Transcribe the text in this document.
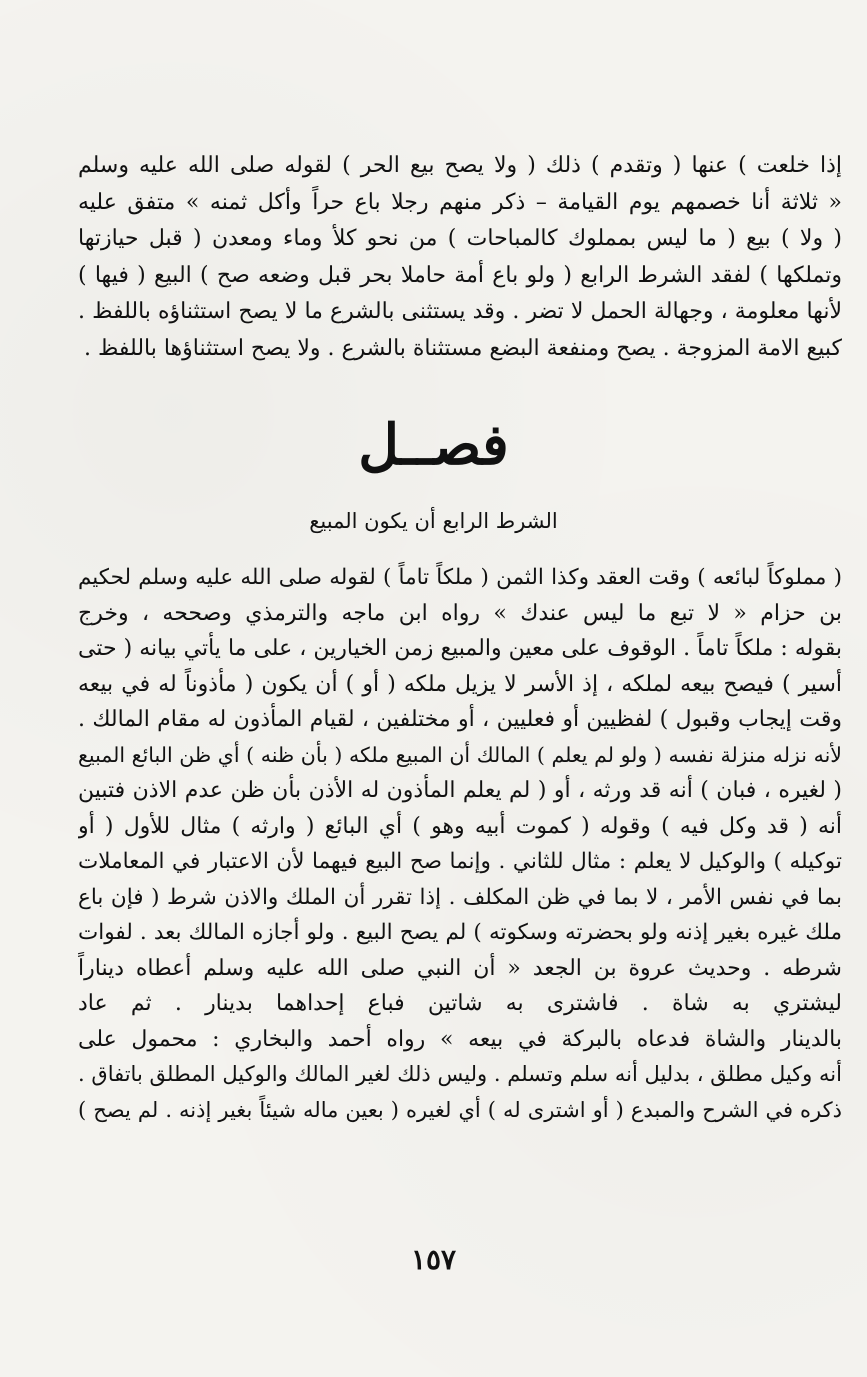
إذا خلعت ) عنها ( وتقدم ) ذلك ( ولا يصح بيع الحر ) لقوله صلى الله عليه وسلم
« ثلاثة أنا خصمهم يوم القيامة – ذكر منهم رجلا باع حراً وأكل ثمنه » متفق عليه
( ولا ) بيع ( ما ليس بمملوك كالمباحات ) من نحو كلأ وماء ومعدن ( قبل حيازتها
وتملكها ) لفقد الشرط الرابع ( ولو باع أمة حاملا بحر قبل وضعه صح ) البيع ( فيها )
لأنها معلومة ، وجهالة الحمل لا تضر . وقد يستثنى بالشرع ما لا يصح استثناؤه باللفظ .
كبيع الامة المزوجة . يصح ومنفعة البضع مستثناة بالشرع . ولا يصح استثناؤها باللفظ .
فصــل
الشرط الرابع أن يكون المبيع
( مملوكاً لبائعه ) وقت العقد وكذا الثمن ( ملكاً تاماً ) لقوله صلى الله عليه وسلم لحكيم
بن حزام « لا تبع ما ليس عندك » رواه ابن ماجه والترمذي وصححه ، وخرج
بقوله : ملكاً تاماً . الوقوف على معين والمبيع زمن الخيارين ، على ما يأتي بيانه ( حتى
أسير ) فيصح بيعه لملكه ، إذ الأسر لا يزيل ملكه ( أو ) أن يكون ( مأذوناً له في بيعه
وقت إيجاب وقبول ) لفظيين أو فعليين ، أو مختلفين ، لقيام المأذون له مقام المالك .
لأنه نزله منزلة نفسه ( ولو لم يعلم ) المالك أن المبيع ملكه ( بأن ظنه ) أي ظن البائع المبيع
( لغيره ، فبان ) أنه قد ورثه ، أو ( لم يعلم المأذون له الأذن بأن ظن عدم الاذن فتبين
أنه ( قد وكل فيه ) وقوله ( كموت أبيه وهو ) أي البائع ( وارثه ) مثال للأول ( أو
توكيله ) والوكيل لا يعلم : مثال للثاني . وإنما صح البيع فيهما لأن الاعتبار في المعاملات
بما في نفس الأمر ، لا بما في ظن المكلف . إذا تقرر أن الملك والاذن شرط ( فإن باع
ملك غيره بغير إذنه ولو بحضرته وسكوته ) لم يصح البيع . ولو أجازه المالك بعد . لفوات
شرطه . وحديث عروة بن الجعد « أن النبي صلى الله عليه وسلم أعطاه ديناراً
ليشتري به شاة . فاشترى به شاتين فباع إحداهما بدينار . ثم عاد
بالدينار والشاة فدعاه بالبركة في بيعه » رواه أحمد والبخاري : محمول على
أنه وكيل مطلق ، بدليل أنه سلم وتسلم . وليس ذلك لغير المالك والوكيل المطلق باتفاق .
ذكره في الشرح والمبدع ( أو اشترى له ) أي لغيره ( بعين ماله شيئاً بغير إذنه . لم يصح )
١٥٧
